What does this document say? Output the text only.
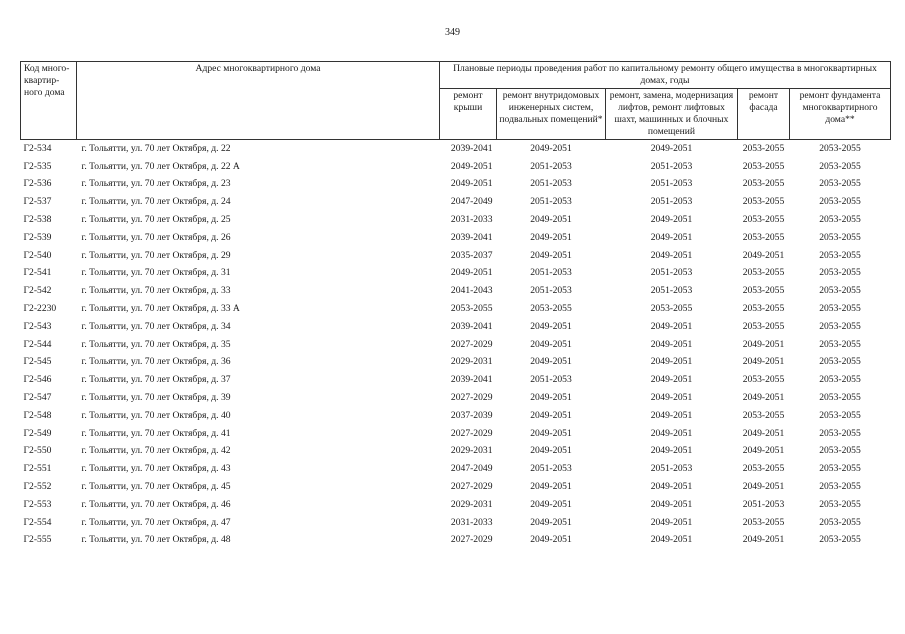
349
Код много-квартир-ного дома	Адрес многоквартирного дома	Плановые периоды проведения работ по капитальному ремонту общего имущества в многоквартирных домах, годы				
		ремонт крыши	ремонт внутридомовых инженерных систем, подвальных помещений*	ремонт, замена, модернизация лифтов, ремонт лифтовых шахт, машинных и блочных помещений	ремонт фасада	ремонт фундамента многоквартирного дома**
Г2-534	г. Тольятти, ул. 70 лет Октября, д. 22	2039-2041	2049-2051	2049-2051	2053-2055	2053-2055
Г2-535	г. Тольятти, ул. 70 лет Октября, д. 22 А	2049-2051	2051-2053	2051-2053	2053-2055	2053-2055
Г2-536	г. Тольятти, ул. 70 лет Октября, д. 23	2049-2051	2051-2053	2051-2053	2053-2055	2053-2055
Г2-537	г. Тольятти, ул. 70 лет Октября, д. 24	2047-2049	2051-2053	2051-2053	2053-2055	2053-2055
Г2-538	г. Тольятти, ул. 70 лет Октября, д. 25	2031-2033	2049-2051	2049-2051	2053-2055	2053-2055
Г2-539	г. Тольятти, ул. 70 лет Октября, д. 26	2039-2041	2049-2051	2049-2051	2053-2055	2053-2055
Г2-540	г. Тольятти, ул. 70 лет Октября, д. 29	2035-2037	2049-2051	2049-2051	2049-2051	2053-2055
Г2-541	г. Тольятти, ул. 70 лет Октября, д. 31	2049-2051	2051-2053	2051-2053	2053-2055	2053-2055
Г2-542	г. Тольятти, ул. 70 лет Октября, д. 33	2041-2043	2051-2053	2051-2053	2053-2055	2053-2055
Г2-2230	г. Тольятти, ул. 70 лет Октября, д. 33 А	2053-2055	2053-2055	2053-2055	2053-2055	2053-2055
Г2-543	г. Тольятти, ул. 70 лет Октября, д. 34	2039-2041	2049-2051	2049-2051	2053-2055	2053-2055
Г2-544	г. Тольятти, ул. 70 лет Октября, д. 35	2027-2029	2049-2051	2049-2051	2049-2051	2053-2055
Г2-545	г. Тольятти, ул. 70 лет Октября, д. 36	2029-2031	2049-2051	2049-2051	2049-2051	2053-2055
Г2-546	г. Тольятти, ул. 70 лет Октября, д. 37	2039-2041	2051-2053	2049-2051	2053-2055	2053-2055
Г2-547	г. Тольятти, ул. 70 лет Октября, д. 39	2027-2029	2049-2051	2049-2051	2049-2051	2053-2055
Г2-548	г. Тольятти, ул. 70 лет Октября, д. 40	2037-2039	2049-2051	2049-2051	2053-2055	2053-2055
Г2-549	г. Тольятти, ул. 70 лет Октября, д. 41	2027-2029	2049-2051	2049-2051	2049-2051	2053-2055
Г2-550	г. Тольятти, ул. 70 лет Октября, д. 42	2029-2031	2049-2051	2049-2051	2049-2051	2053-2055
Г2-551	г. Тольятти, ул. 70 лет Октября, д. 43	2047-2049	2051-2053	2051-2053	2053-2055	2053-2055
Г2-552	г. Тольятти, ул. 70 лет Октября, д. 45	2027-2029	2049-2051	2049-2051	2049-2051	2053-2055
Г2-553	г. Тольятти, ул. 70 лет Октября, д. 46	2029-2031	2049-2051	2049-2051	2051-2053	2053-2055
Г2-554	г. Тольятти, ул. 70 лет Октября, д. 47	2031-2033	2049-2051	2049-2051	2053-2055	2053-2055
Г2-555	г. Тольятти, ул. 70 лет Октября, д. 48	2027-2029	2049-2051	2049-2051	2049-2051	2053-2055
